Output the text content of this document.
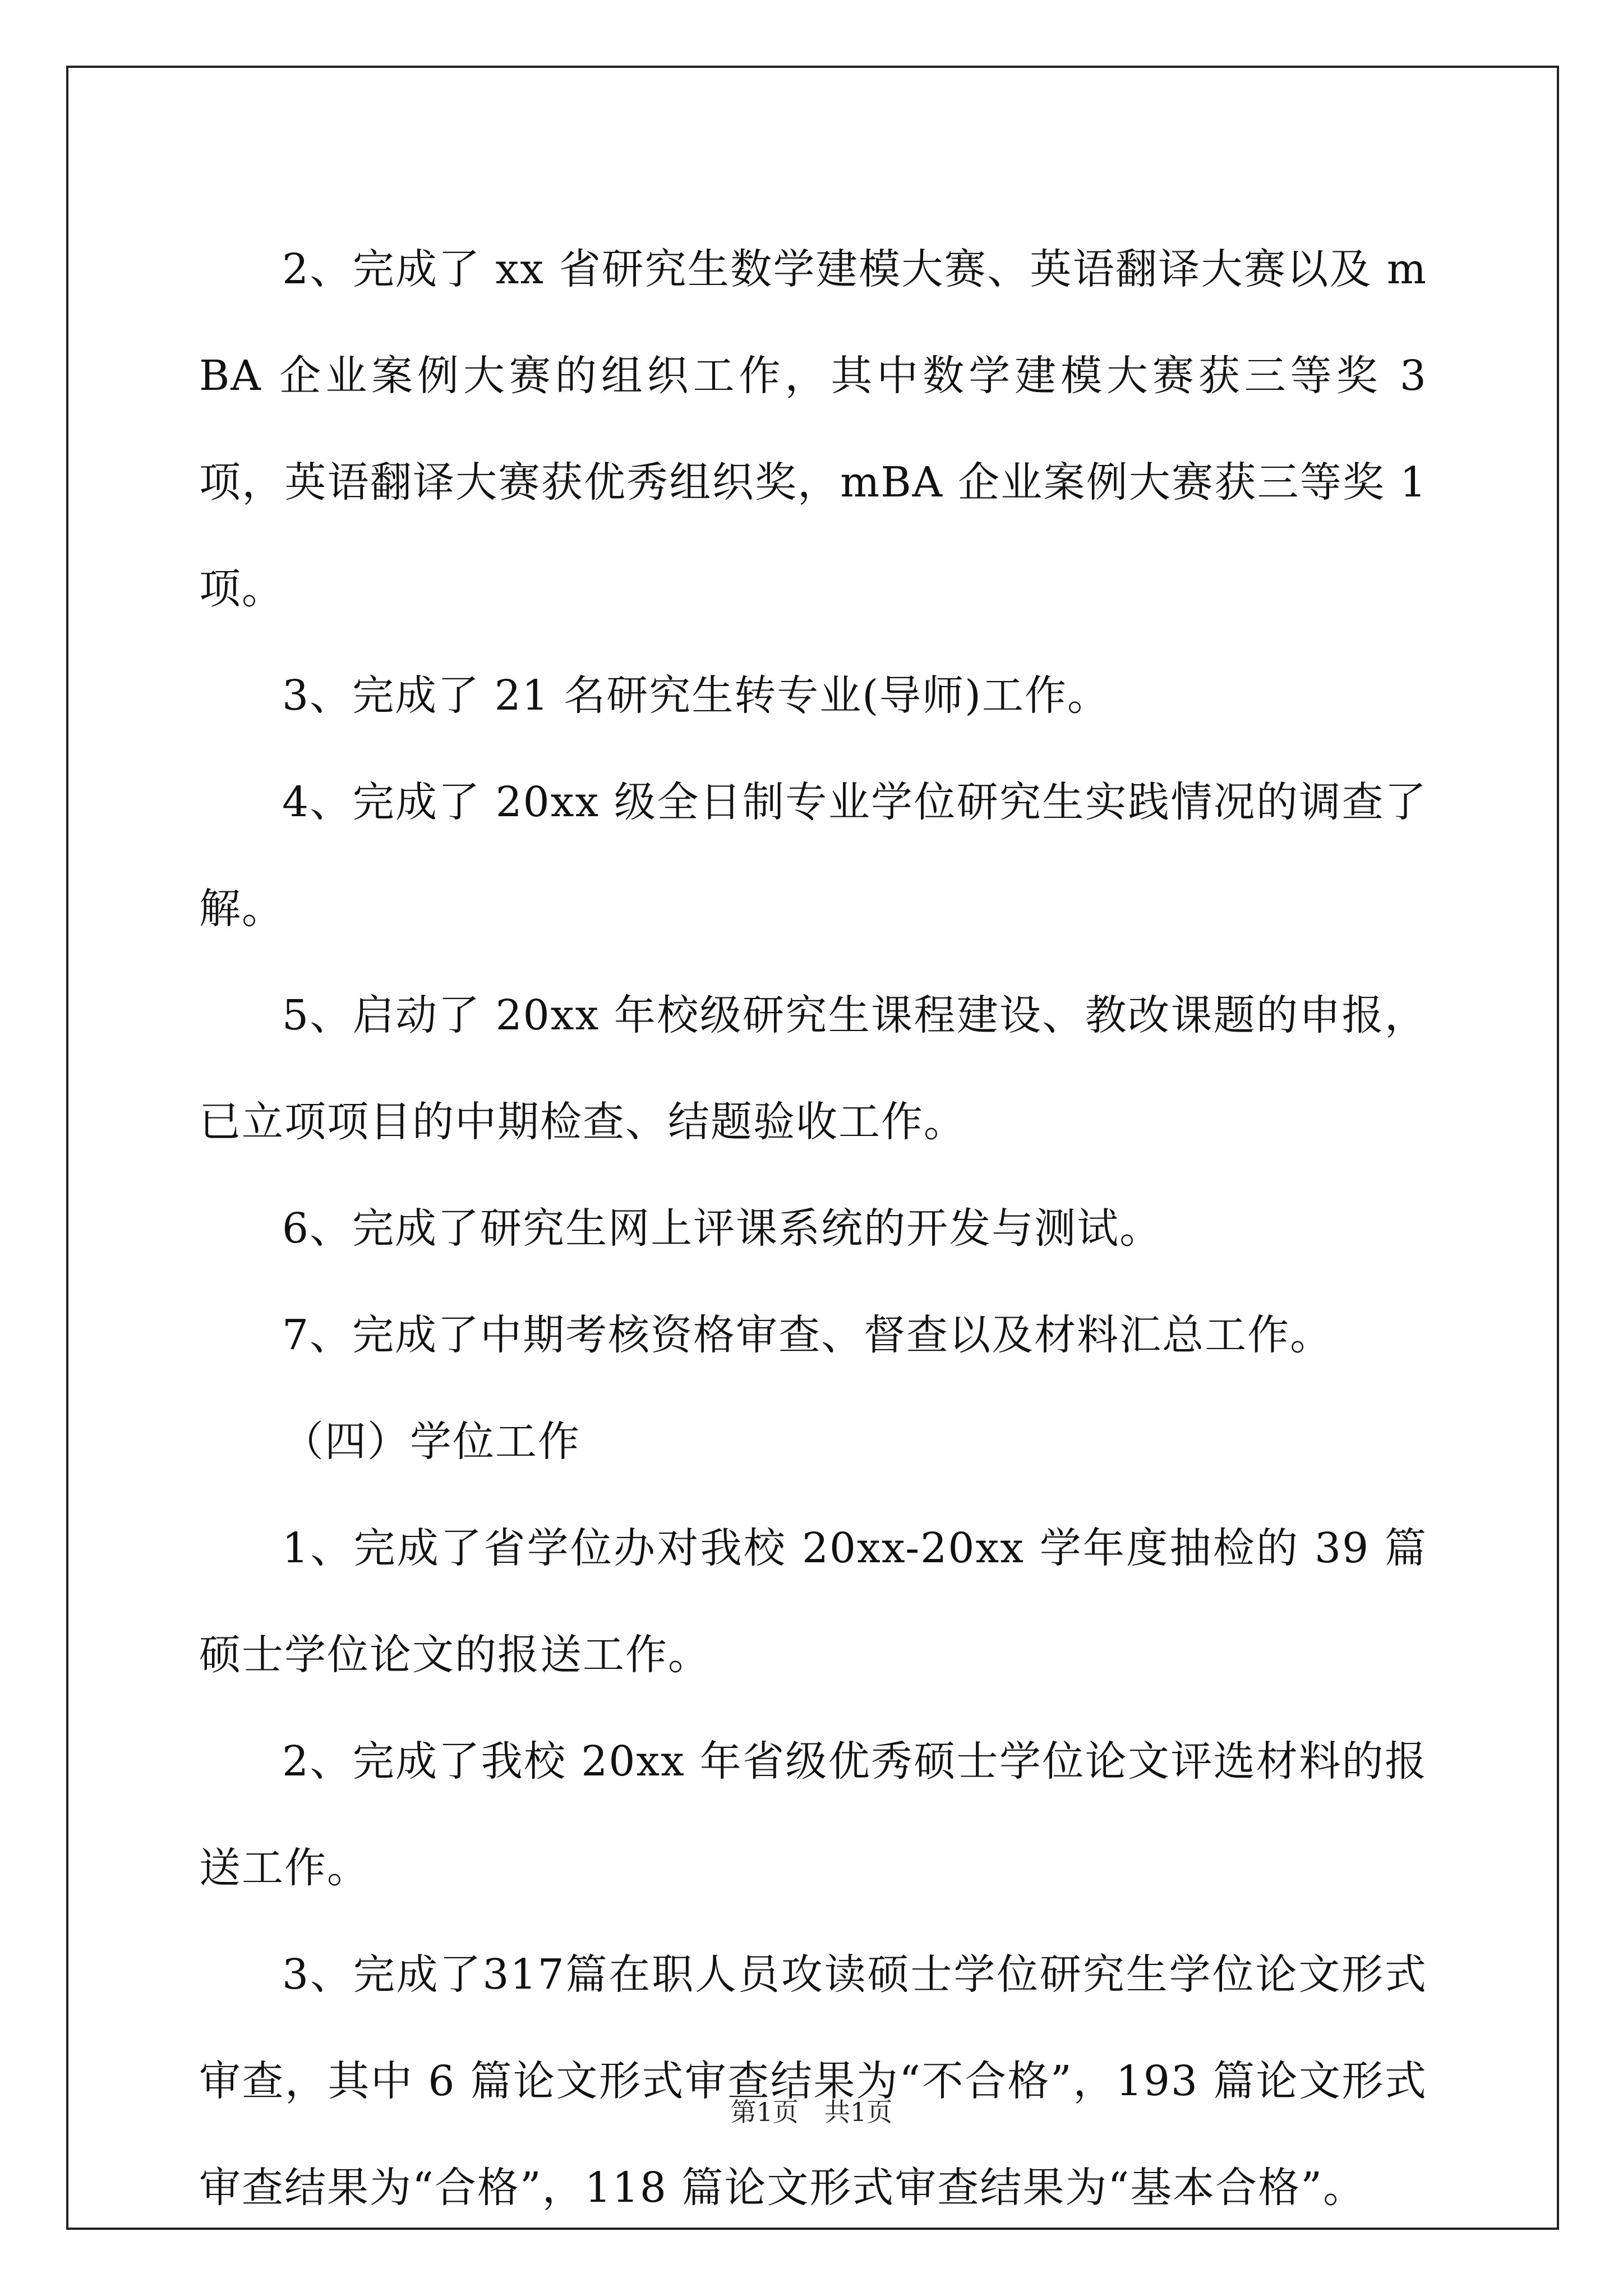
2、完成了 xx 省研究生数学建模大赛、英语翻译大赛以及 mBA 企业案例大赛的组织工作，其中数学建模大赛获三等奖 3 项，英语翻译大赛获优秀组织奖，mBA 企业案例大赛获三等奖 1 项。

3、完成了 21 名研究生转专业(导师)工作。

4、完成了 20xx 级全日制专业学位研究生实践情况的调查了解。

5、启动了 20xx 年校级研究生课程建设、教改课题的申报，已立项项目的中期检查、结题验收工作。

6、完成了研究生网上评课系统的开发与测试。

7、完成了中期考核资格审查、督查以及材料汇总工作。

（四）学位工作

1、完成了省学位办对我校 20xx-20xx 学年度抽检的 39 篇硕士学位论文的报送工作。

2、完成了我校 20xx 年省级优秀硕士学位论文评选材料的报送工作。

3、完成了317篇在职人员攻读硕士学位研究生学位论文形式审查，其中 6 篇论文形式审查结果为“不合格”，193 篇论文形式审查结果为“合格”，118 篇论文形式审查结果为“基本合格”。

第1页　共1页
